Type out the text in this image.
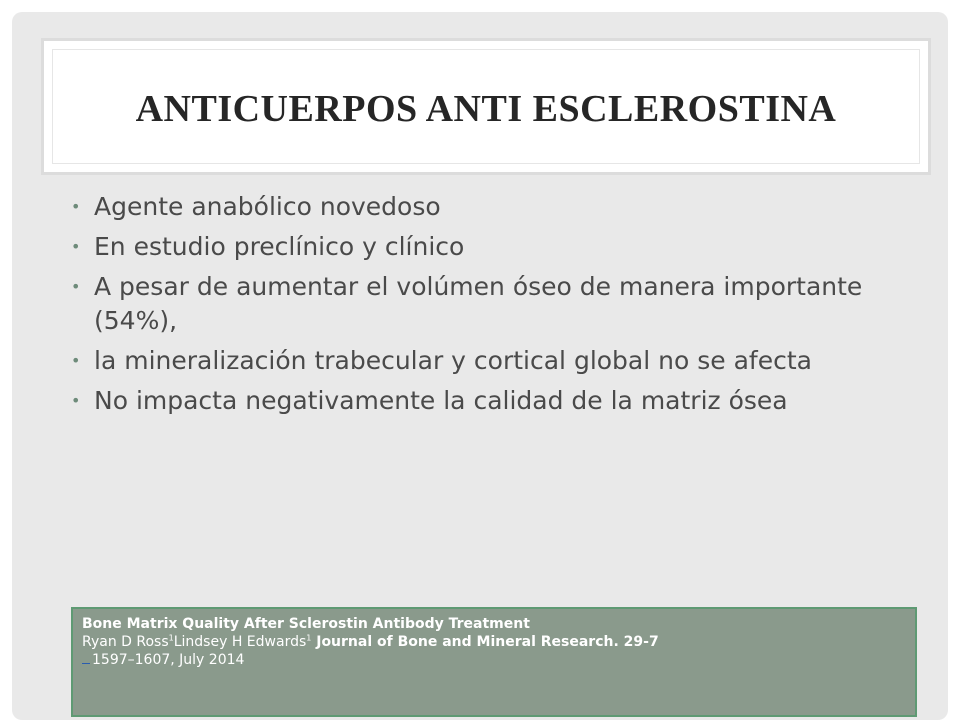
ANTICUERPOS ANTI ESCLEROSTINA
• Agente anabólico novedoso
• En estudio preclínico y clínico
• A pesar de aumentar el volúmen óseo de manera importante (54%),
• la mineralización trabecular y cortical global no se afecta
• No impacta negativamente la calidad de la matriz ósea
Bone Matrix Quality After Sclerostin Antibody Treatment
Ryan D Ross$^1$Lindsey H Edwards$^1$ Journal of Bone and Mineral Research. 29-7
1597–1607, July 2014
